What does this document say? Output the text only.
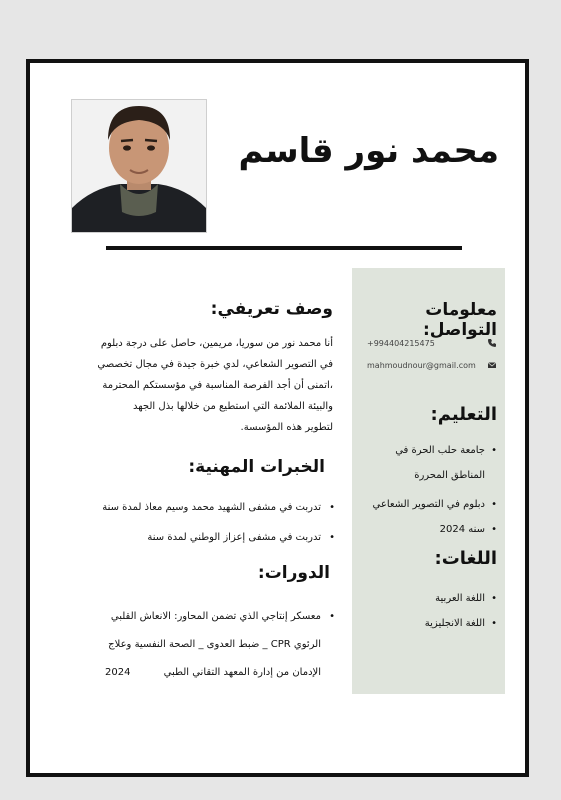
محمد نور قاسم
معلومات التواصل:
+994404215475
mahmoudnour@gmail.com
التعليم:
• جامعة حلب الحرة في
المناطق المحررة
• دبلوم في التصوير الشعاعي
• سنه 2024
اللغات:
• اللغة العربية
• اللغة الانجليزية
وصف تعريفي:
أنا محمد نور من سوريا، مريمين، حاصل على درجة دبلوم
في التصوير الشعاعي، لدي خبرة جيدة في مجال تخصصي
،اتمنى أن أجد الفرصة المناسبة في مؤسستكم المحترمة
والبيئة الملائمة التي استطيع من خلالها بذل الجهد
لتطوير هذه المؤسسة.
الخبرات المهنية:
• تدربت في مشفى الشهيد محمد وسيم معاذ لمدة سنة
• تدربت في مشفى إعزاز الوطني لمدة سنة
الدورات:
• معسكر إنتاجي الذي تضمن المحاور: الانعاش القلبي
الرئوي CPR _ ضبط العدوى _ الصحة النفسية وعلاج
الإدمان من إدارة المعهد التقاني الطبي 2024
